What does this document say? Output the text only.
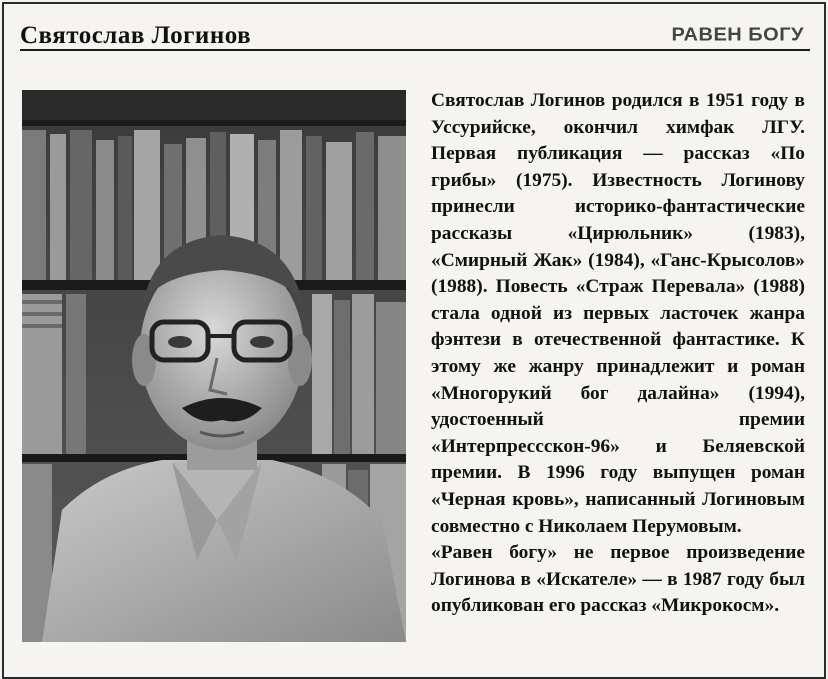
Святослав Логинов	РАВЕН БОГУ

Святослав Логинов родился в 1951 году в Уссурийске, окончил химфак ЛГУ. Первая публикация — рассказ «По грибы» (1975). Известность Логинову принесли историко-фантастические рассказы «Цирюльник» (1983), «Смирный Жак» (1984), «Ганс-Крысолов» (1988). Повесть «Страж Перевала» (1988) стала одной из первых ласточек жанра фэнтези в отечественной фантастике. К этому же жанру принадлежит и роман «Многорукий бог далайна» (1994), удостоенный премии «Интерпрессскон-96» и Беляевской премии. В 1996 году выпущен роман «Черная кровь», написанный Логиновым совместно с Николаем Перумовым.

«Равен богу» не первое произведение Логинова в «Искателе» — в 1987 году был опубликован его рассказ «Микрокосм».
